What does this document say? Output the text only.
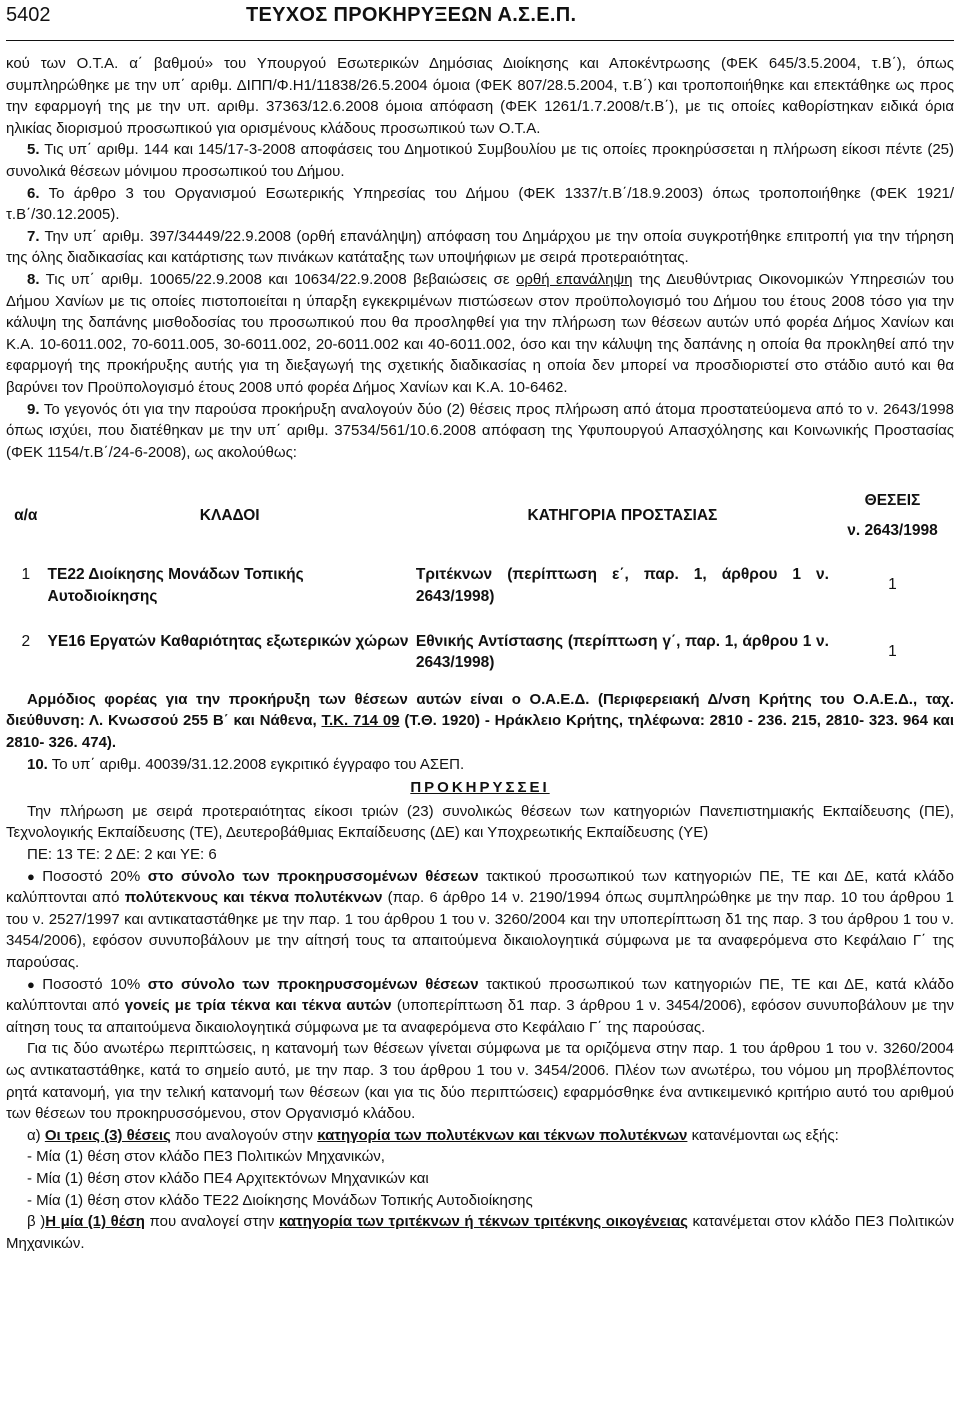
5402	ΤΕΥΧΟΣ ΠΡΟΚΗΡΥΞΕΩΝ Α.Σ.Ε.Π.

κού των Ο.Τ.Α. α΄ βαθμού» του Υπουργού Εσωτερικών Δημόσιας Διοίκησης και Αποκέντρωσης (ΦΕΚ 645/3.5.2004, τ.Β΄), όπως συμπληρώθηκε με την υπ΄ αριθμ. ΔΙΠΠ/Φ.Η1/11838/26.5.2004 όμοια (ΦΕΚ 807/28.5.2004, τ.Β΄) και τροποποιήθηκε και επεκτάθηκε ως προς την εφαρμογή της με την υπ. αριθμ. 37363/12.6.2008 όμοια απόφαση (ΦΕΚ 1261/1.7.2008/τ.Β΄), με τις οποίες καθορίστηκαν ειδικά όρια ηλικίας διορισμού προσωπικού για ορισμένους κλάδους προσωπικού των Ο.Τ.Α.

5. Τις υπ΄ αριθμ. 144 και 145/17-3-2008 αποφάσεις του Δημοτικού Συμβουλίου με τις οποίες προκηρύσσεται η πλήρωση είκοσι πέντε (25) συνολικά θέσεων μόνιμου προσωπικού του Δήμου.

6. Το άρθρο 3 του Οργανισμού Εσωτερικής Υπηρεσίας του Δήμου (ΦΕΚ 1337/τ.Β΄/18.9.2003) όπως τροποποιήθηκε (ΦΕΚ 1921/τ.Β΄/30.12.2005).

7. Την υπ΄ αριθμ. 397/34449/22.9.2008 (ορθή επανάληψη) απόφαση του Δημάρχου με την οποία συγκροτήθηκε επιτροπή για την τήρηση της όλης διαδικασίας και κατάρτισης των πινάκων κατάταξης των υποψήφιων με σειρά προτεραιότητας.

8. Τις υπ΄ αριθμ. 10065/22.9.2008 και 10634/22.9.2008 βεβαιώσεις σε ορθή επανάληψη της Διευθύντριας Οικονομικών Υπηρεσιών του Δήμου Χανίων με τις οποίες πιστοποιείται η ύπαρξη εγκεκριμένων πιστώσεων στον προϋπολογισμό του Δήμου του έτους 2008 τόσο για την κάλυψη της δαπάνης μισθοδοσίας του προσωπικού που θα προσληφθεί για την πλήρωση των θέσεων αυτών υπό φορέα Δήμος Χανίων και Κ.Α. 10-6011.002, 70-6011.005, 30-6011.002, 20-6011.002 και 40-6011.002, όσο και την κάλυψη της δαπάνης η οποία θα προκληθεί από την εφαρμογή της προκήρυξης αυτής για τη διεξαγωγή της σχετικής διαδικασίας η οποία δεν μπορεί να προσδιοριστεί στο στάδιο αυτό και θα βαρύνει τον Προϋπολογισμό έτους 2008 υπό φορέα Δήμος Χανίων και Κ.Α. 10-6462.

9. Το γεγονός ότι για την παρούσα προκήρυξη αναλογούν δύο (2) θέσεις προς πλήρωση από άτομα προστατεύομενα από το ν. 2643/1998 όπως ισχύει, που διατέθηκαν με την υπ΄ αριθμ. 37534/561/10.6.2008 απόφαση της Υφυπουργού Απασχόλησης και Κοινωνικής Προστασίας (ΦΕΚ 1154/τ.Β΄/24-6-2008), ως ακολούθως:

α/α	ΚΛΑΔΟΙ	ΚΑΤΗΓΟΡΙΑ ΠΡΟΣΤΑΣΙΑΣ	ΘΕΣΕΙΣ
ν. 2643/1998

1	ΤΕ22 Διοίκησης Μονάδων Τοπικής Αυτοδιοίκησης	Τριτέκνων (περίπτωση ε΄, παρ. 1, άρθρου 1 ν. 2643/1998)	1
2	ΥΕ16 Εργατών Καθαριότητας εξωτερικών χώρων	Εθνικής Αντίστασης (περίπτωση γ΄, παρ. 1, άρθρου 1 ν. 2643/1998)	1

Αρμόδιος φορέας για την προκήρυξη των θέσεων αυτών είναι ο Ο.Α.Ε.Δ. (Περιφερειακή Δ/νση Κρήτης του Ο.Α.Ε.Δ., ταχ. διεύθυνση: Λ. Κνωσσού 255 Β΄ και Νάθενα, Τ.Κ. 714 09 (Τ.Θ. 1920) - Ηράκλειο Κρήτης, τηλέφωνα: 2810 - 236. 215, 2810- 323. 964 και 2810- 326. 474).

10. Το υπ΄ αριθμ. 40039/31.12.2008 εγκριτικό έγγραφο του ΑΣΕΠ.

ΠΡΟΚΗΡΥΣΣΕΙ

Την πλήρωση με σειρά προτεραιότητας είκοσι τριών (23) συνολικώς θέσεων των κατηγοριών Πανεπιστημιακής Εκπαίδευσης (ΠΕ), Τεχνολογικής Εκπαίδευσης (ΤΕ), Δευτεροβάθμιας Εκπαίδευσης (ΔΕ) και Υποχρεωτικής Εκπαίδευσης (ΥΕ)

ΠΕ: 13 ΤΕ: 2 ΔΕ: 2 και ΥΕ: 6

● Ποσοστό 20% στο σύνολο των προκηρυσσομένων θέσεων τακτικού προσωπικού των κατηγοριών ΠΕ, ΤΕ και ΔΕ, κατά κλάδο καλύπτονται από πολύτεκνους και τέκνα πολυτέκνων (παρ. 6 άρθρο 14 ν. 2190/1994 όπως συμπληρώθηκε με την παρ. 10 του άρθρου 1 του ν. 2527/1997 και αντικαταστάθηκε με την παρ. 1 του άρθρου 1 του ν. 3260/2004 και την υποπερίπτωση δ1 της παρ. 3 του άρθρου 1 του ν. 3454/2006), εφόσον συνυποβάλουν με την αίτησή τους τα απαιτούμενα δικαιολογητικά σύμφωνα με τα αναφερόμενα στο Κεφάλαιο Γ΄ της παρούσας.

● Ποσοστό 10% στο σύνολο των προκηρυσσομένων θέσεων τακτικού προσωπικού των κατηγοριών ΠΕ, ΤΕ και ΔΕ, κατά κλάδο καλύπτονται από γονείς με τρία τέκνα και τέκνα αυτών (υποπερίπτωση δ1 παρ. 3 άρθρου 1 ν. 3454/2006), εφόσον συνυποβάλουν με την αίτηση τους τα απαιτούμενα δικαιολογητικά σύμφωνα με τα αναφερόμενα στο Κεφάλαιο Γ΄ της παρούσας.

Για τις δύο ανωτέρω περιπτώσεις, η κατανομή των θέσεων γίνεται σύμφωνα με τα οριζόμενα στην παρ. 1 του άρθρου 1 του ν. 3260/2004 ως αντικαταστάθηκε, κατά το σημείο αυτό, με την παρ. 3 του άρθρου 1 του ν. 3454/2006. Πλέον των ανωτέρω, του νόμου μη προβλέποντος ρητά κατανομή, για την τελική κατανομή των θέσεων (και για τις δύο περιπτώσεις) εφαρμόσθηκε ένα αντικειμενικό κριτήριο αυτό του αριθμού των θέσεων του προκηρυσσόμενου, στον Οργανισμό κλάδου.

α) Οι τρεις (3) θέσεις που αναλογούν στην κατηγορία των πολυτέκνων και τέκνων πολυτέκνων κατανέμονται ως εξής:

- Μία (1) θέση στον κλάδο ΠΕ3 Πολιτικών Μηχανικών,

- Μία (1) θέση στον κλάδο ΠΕ4 Αρχιτεκτόνων Μηχανικών και

- Μία (1) θέση στον κλάδο ΤΕ22 Διοίκησης Μονάδων Τοπικής Αυτοδιοίκησης

β )Η μία (1) θέση που αναλογεί στην κατηγορία των τριτέκνων ή τέκνων τριτέκνης οικογένειας κατανέμεται στον κλάδο ΠΕ3 Πολιτικών Μηχανικών.
